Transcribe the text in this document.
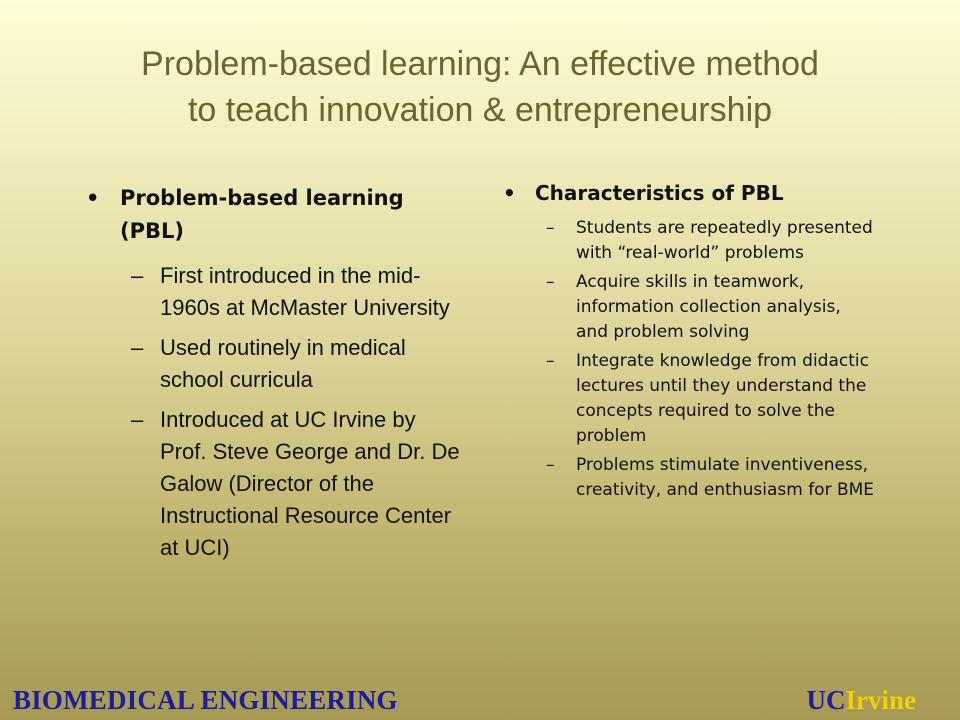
Problem-based learning: An effective method
to teach innovation & entrepreneurship
• Problem-based learning
(PBL)
– First introduced in the mid-1960s at McMaster University
– Used routinely in medical school curricula
– Introduced at UC Irvine by Prof. Steve George and Dr. De Galow (Director of the Instructional Resource Center at UCI)
• Characteristics of PBL
– Students are repeatedly presented with “real-world” problems
– Acquire skills in teamwork, information collection analysis, and problem solving
– Integrate knowledge from didactic lectures until they understand the concepts required to solve the problem
– Problems stimulate inventiveness, creativity, and enthusiasm for BME
BIOMEDICAL ENGINEERING	UCIrvine
